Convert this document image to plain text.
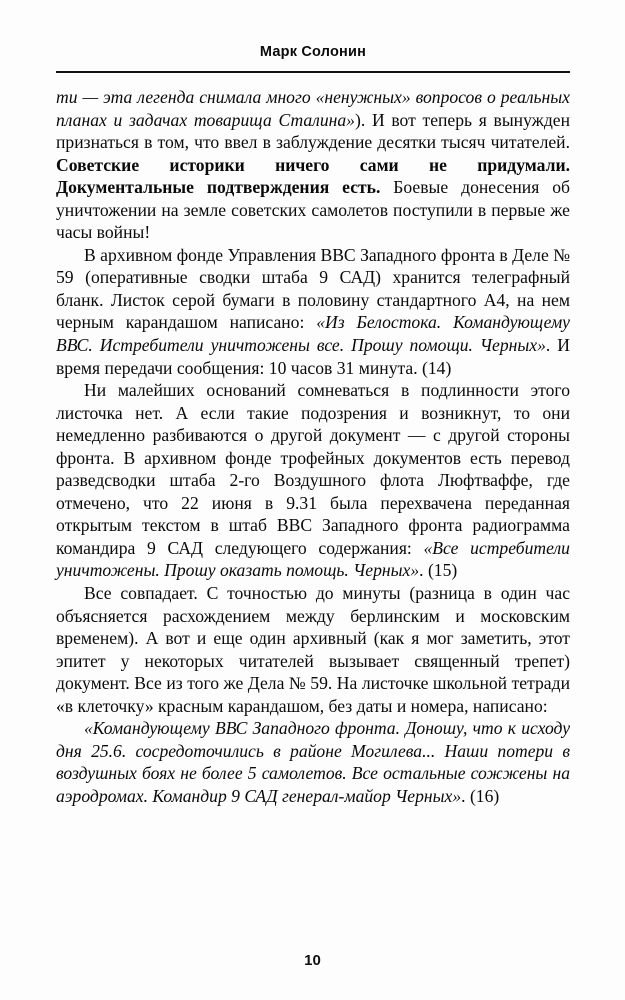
Марк Солонин

ти — эта легенда снимала много «ненужных» вопросов о реальных планах и задачах товарища Сталина»). И вот теперь я вынужден признаться в том, что ввел в заблуждение десятки тысяч читателей. Советские историки ничего сами не придумали. Документальные подтверждения есть. Боевые донесения об уничтожении на земле советских самолетов поступили в первые же часы войны!

В архивном фонде Управления ВВС Западного фронта в Деле № 59 (оперативные сводки штаба 9 САД) хранится телеграфный бланк. Листок серой бумаги в половину стандартного А4, на нем черным карандашом написано: «Из Белостока. Командующему ВВС. Истребители уничтожены все. Прошу помощи. Черных». И время передачи сообщения: 10 часов 31 минута. (14)

Ни малейших оснований сомневаться в подлинности этого листочка нет. А если такие подозрения и возникнут, то они немедленно разбиваются о другой документ — с другой стороны фронта. В архивном фонде трофейных документов есть перевод разведсводки штаба 2-го Воздушного флота Люфтваффе, где отмечено, что 22 июня в 9.31 была перехвачена переданная открытым текстом в штаб ВВС Западного фронта радиограмма командира 9 САД следующего содержания: «Все истребители уничтожены. Прошу оказать помощь. Черных». (15)

Все совпадает. С точностью до минуты (разница в один час объясняется расхождением между берлинским и московским временем). А вот и еще один архивный (как я мог заметить, этот эпитет у некоторых читателей вызывает священный трепет) документ. Все из того же Дела № 59. На листочке школьной тетради «в клеточку» красным карандашом, без даты и номера, написано:

«Командующему ВВС Западного фронта. Доношу, что к исходу дня 25.6. сосредоточились в районе Могилева... Наши потери в воздушных боях не более 5 самолетов. Все остальные сожжены на аэродромах. Командир 9 САД генерал-майор Черных». (16)

10
